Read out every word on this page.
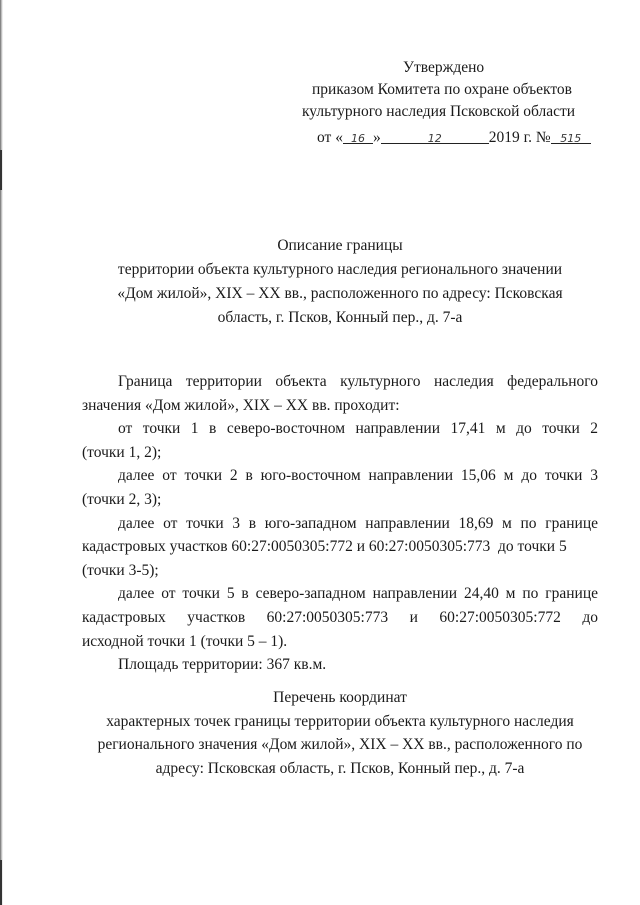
Утверждено
приказом Комитета по охране объектов
культурного наследия Псковской области
от « 16 »	12	2019 г. № 515
Описание границы
территории объекта культурного наследия регионального значении
«Дом жилой», XIX – XX вв., расположенного по адресу: Псковская
область, г. Псков, Конный пер., д. 7-а
Граница территории объекта культурного наследия федерального
значения «Дом жилой», XIX – XX вв. проходит:
от точки 1 в северо-восточном направлении 17,41 м до точки 2
(точки 1, 2);
далее от точки 2 в юго-восточном направлении 15,06 м до точки 3
(точки 2, 3);
далее от точки 3 в юго-западном направлении 18,69 м по границе
кадастровых участков 60:27:0050305:772 и 60:27:0050305:773  до точки 5
(точки 3-5);
далее от точки 5 в северо-западном направлении 24,40 м по границе
кадастровых участков 60:27:0050305:773 и 60:27:0050305:772 до
исходной точки 1 (точки 5 – 1).
Площадь территории: 367 кв.м.
Перечень координат
характерных точек границы территории объекта культурного наследия
регионального значения «Дом жилой», XIX – XX вв., расположенного по
адресу: Псковская область, г. Псков, Конный пер., д. 7-а
